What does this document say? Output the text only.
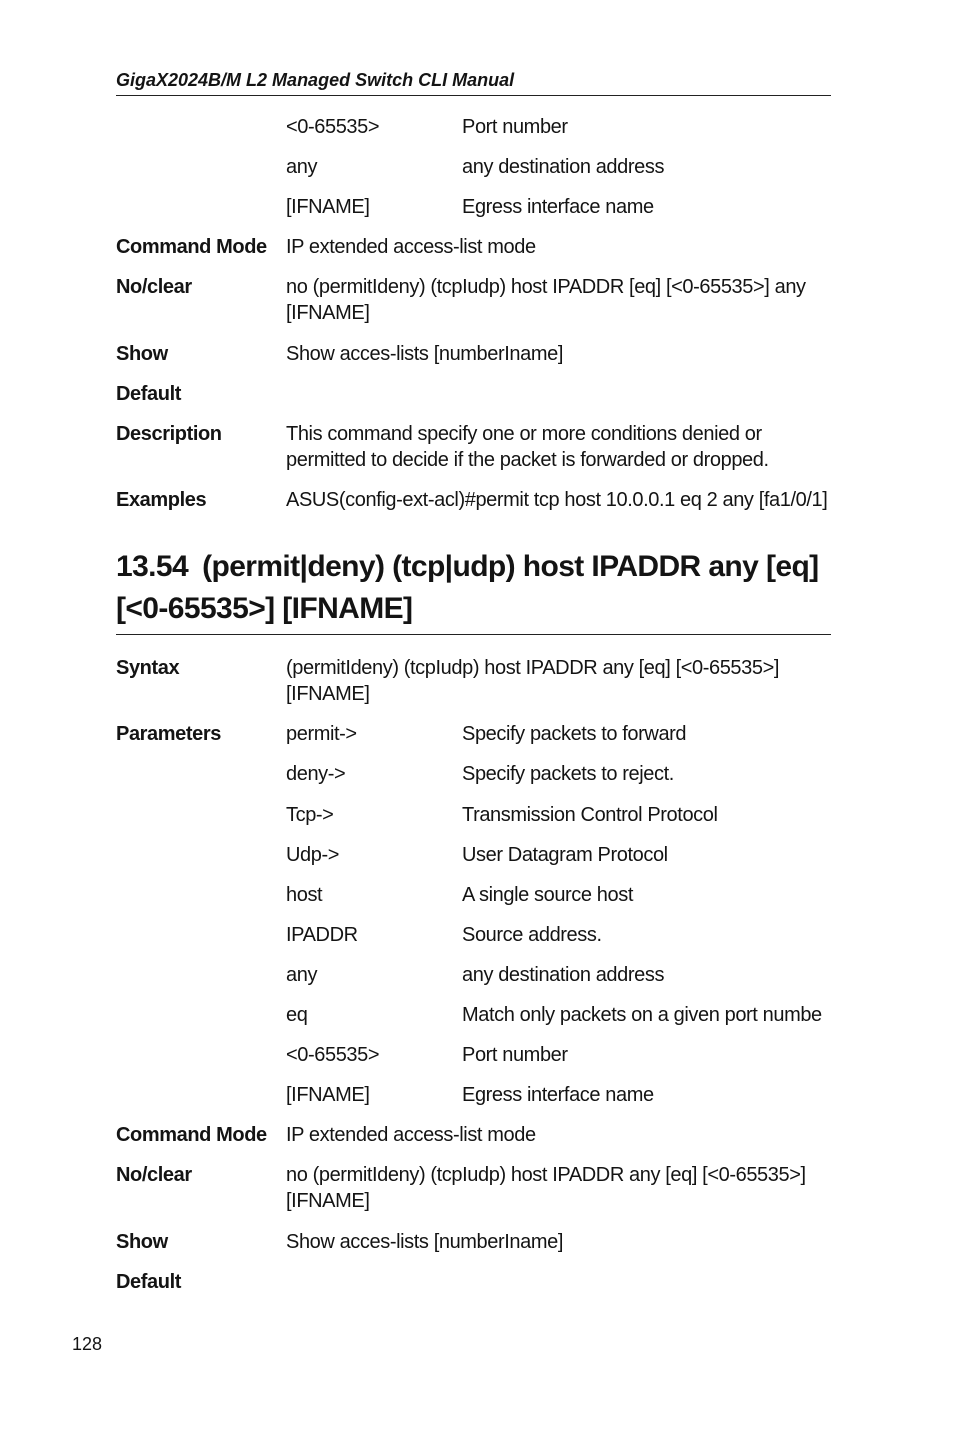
GigaX2024B/M L2 Managed Switch CLI Manual
<0-65535>	Port number
any	any destination address
[IFNAME]	Egress interface name
Command Mode IP extended access-list mode
No/clear	no (permitIdeny) (tcpIudp) host IPADDR [eq] [<0-65535>] any [IFNAME]
Show	Show acces-lists [numberIname]
Default
Description	This command specify one or more conditions denied or permitted to decide if the packet is forwarded or dropped.
Examples	ASUS(config-ext-acl)#permit tcp host 10.0.0.1 eq 2 any [fa1/0/1]
13.54 (permit|deny) (tcp|udp) host IPADDR any [eq] [<0-65535>] [IFNAME]
Syntax	(permitIdeny) (tcpIudp) host IPADDR any [eq] [<0-65535>] [IFNAME]
Parameters	permit->	Specify packets to forward
deny->	Specify packets to reject.
Tcp->	Transmission Control Protocol
Udp->	User Datagram Protocol
host	A single source host
IPADDR	Source address.
any	any destination address
eq	Match only packets on a given port numbe
<0-65535>	Port number
[IFNAME]	Egress interface name
Command Mode IP extended access-list mode
No/clear	no (permitIdeny) (tcpIudp) host IPADDR any [eq] [<0-65535>] [IFNAME]
Show	Show acces-lists [numberIname]
Default
128
